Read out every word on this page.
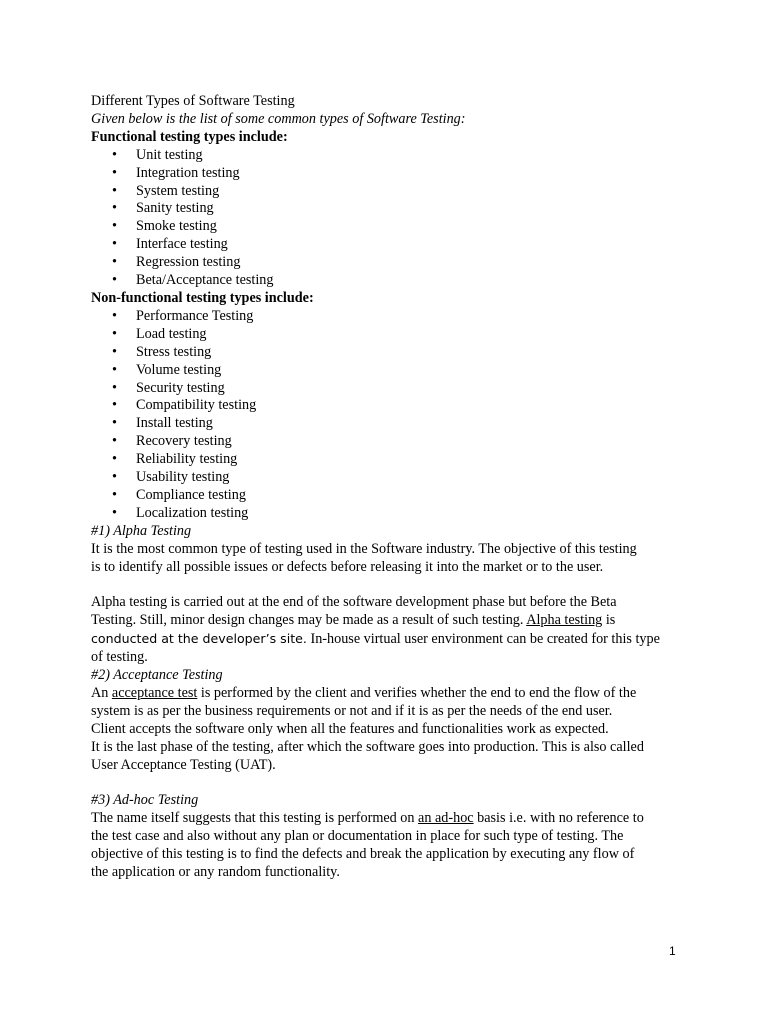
Different Types of Software Testing
Given below is the list of some common types of Software Testing:
Functional testing types include:
• Unit testing
• Integration testing
• System testing
• Sanity testing
• Smoke testing
• Interface testing
• Regression testing
• Beta/Acceptance testing
Non-functional testing types include:
• Performance Testing
• Load testing
• Stress testing
• Volume testing
• Security testing
• Compatibility testing
• Install testing
• Recovery testing
• Reliability testing
• Usability testing
• Compliance testing
• Localization testing
#1) Alpha Testing
It is the most common type of testing used in the Software industry. The objective of this testing
is to identify all possible issues or defects before releasing it into the market or to the user.
Alpha testing is carried out at the end of the software development phase but before the Beta
Testing. Still, minor design changes may be made as a result of such testing. Alpha testing is
conducted at the developer’s site. In-house virtual user environment can be created for this type
of testing.
#2) Acceptance Testing
An acceptance test is performed by the client and verifies whether the end to end the flow of the
system is as per the business requirements or not and if it is as per the needs of the end user.
Client accepts the software only when all the features and functionalities work as expected.
It is the last phase of the testing, after which the software goes into production. This is also called
User Acceptance Testing (UAT).
#3) Ad-hoc Testing
The name itself suggests that this testing is performed on an ad-hoc basis i.e. with no reference to
the test case and also without any plan or documentation in place for such type of testing. The
objective of this testing is to find the defects and break the application by executing any flow of
the application or any random functionality.
1
